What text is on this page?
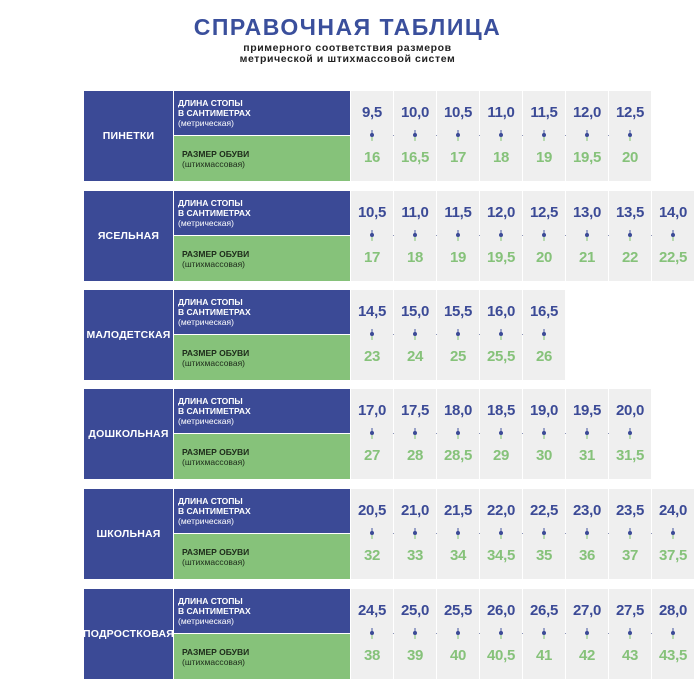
СПРАВОЧНАЯ ТАБЛИЦА
примерного соответствия размеров
метрической и штихмассовой систем
ПИНЕТКИ
ДЛИНА СТОПЫ
В САНТИМЕТРАХ
(метрическая)
РАЗМЕР ОБУВИ
(штихмассовая)
9,5
16
10,0
16,5
10,5
17
11,0
18
11,5
19
12,0
19,5
12,5
20
ЯСЕЛЬНАЯ
ДЛИНА СТОПЫ
В САНТИМЕТРАХ
(метрическая)
РАЗМЕР ОБУВИ
(штихмассовая)
10,5
17
11,0
18
11,5
19
12,0
19,5
12,5
20
13,0
21
13,5
22
14,0
22,5
МАЛОДЕТСКАЯ
ДЛИНА СТОПЫ
В САНТИМЕТРАХ
(метрическая)
РАЗМЕР ОБУВИ
(штихмассовая)
14,5
23
15,0
24
15,5
25
16,0
25,5
16,5
26
ДОШКОЛЬНАЯ
ДЛИНА СТОПЫ
В САНТИМЕТРАХ
(метрическая)
РАЗМЕР ОБУВИ
(штихмассовая)
17,0
27
17,5
28
18,0
28,5
18,5
29
19,0
30
19,5
31
20,0
31,5
ШКОЛЬНАЯ
ДЛИНА СТОПЫ
В САНТИМЕТРАХ
(метрическая)
РАЗМЕР ОБУВИ
(штихмассовая)
20,5
32
21,0
33
21,5
34
22,0
34,5
22,5
35
23,0
36
23,5
37
24,0
37,5
ПОДРОСТКОВАЯ
ДЛИНА СТОПЫ
В САНТИМЕТРАХ
(метрическая)
РАЗМЕР ОБУВИ
(штихмассовая)
24,5
38
25,0
39
25,5
40
26,0
40,5
26,5
41
27,0
42
27,5
43
28,0
43,5
